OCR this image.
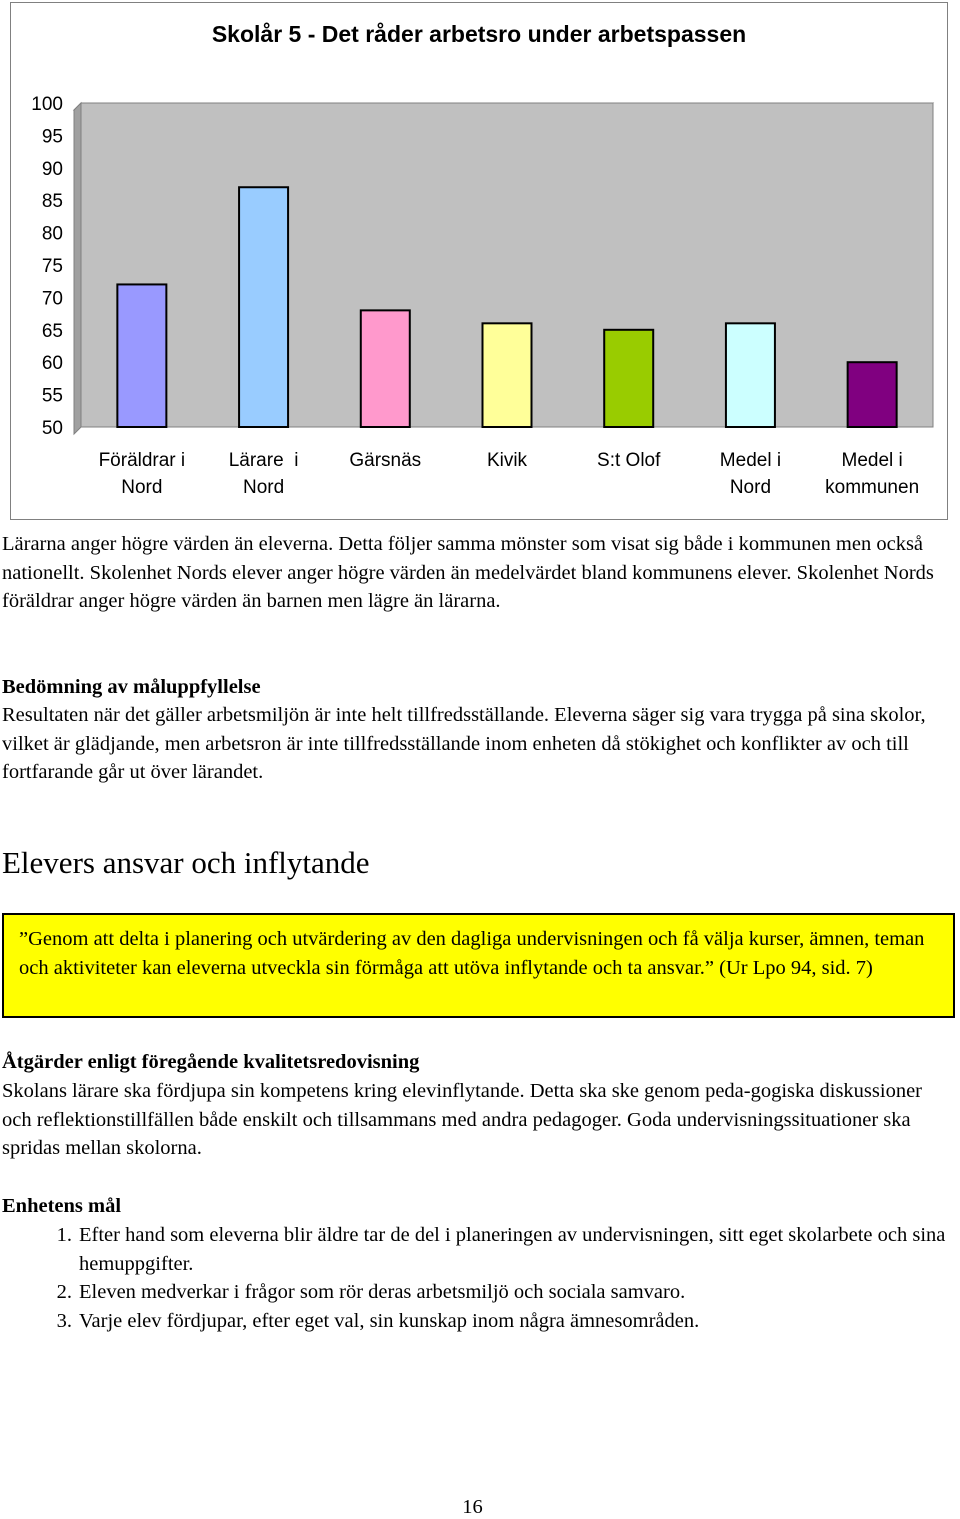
Skolår 5 - Det råder arbetsro under arbetspassen
100
95
90
85
80
75
70
65
60
55
50
Föräldrar i
Nord
Lärare  i
Nord
Gärsnäs	Kivik	S:t Olof	Medel i
Nord
Medel i
kommunen

Lärarna anger högre värden än eleverna. Detta följer samma mönster som visat sig både i kommunen men också nationellt. Skolenhet Nords elever anger högre värden än medelvärdet bland kommunens elever. Skolenhet Nords föräldrar anger högre värden än barnen men lägre än lärarna.

Bedömning av måluppfyllelse

Resultaten när det gäller arbetsmiljön är inte helt tillfredsställande. Eleverna säger sig vara trygga på sina skolor, vilket är glädjande, men arbetsron är inte tillfredsställande inom enheten då stökighet och konflikter av och till fortfarande går ut över lärandet.

Elevers ansvar och inflytande

”Genom att delta i planering och utvärdering av den dagliga undervisningen och få välja kurser, ämnen, teman och aktiviteter kan eleverna utveckla sin förmåga att utöva inflytande och ta ansvar.” (Ur Lpo 94, sid. 7)

Åtgärder enligt föregående kvalitetsredovisning

Skolans lärare ska fördjupa sin kompetens kring elevinflytande. Detta ska ske genom peda-gogiska diskussioner och reflektionstillfällen både enskilt och tillsammans med andra pedagoger. Goda undervisningssituationer ska spridas mellan skolorna.

Enhetens mål
1. Efter hand som eleverna blir äldre tar de del i planeringen av undervisningen, sitt eget skolarbete och sina hemuppgifter.
2. Eleven medverkar i frågor som rör deras arbetsmiljö och sociala samvaro.
3. Varje elev fördjupar, efter eget val, sin kunskap inom några ämnesområden.
16
